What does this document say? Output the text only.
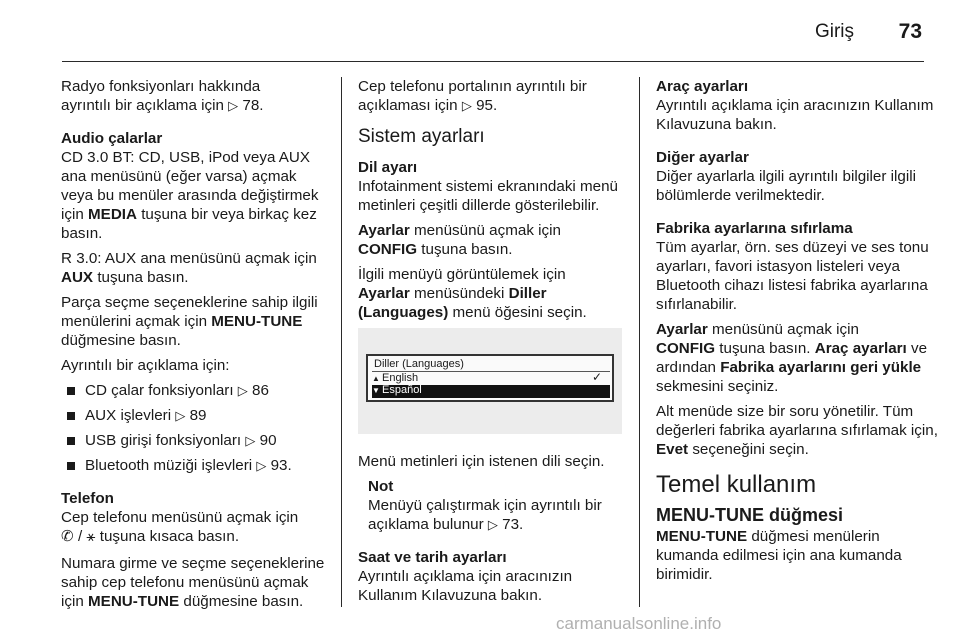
Giriş 73

Radyo fonksiyonları hakkında
ayrıntılı bir açıklama için ▷ 78.

Audio çalarlar
CD 3.0 BT: CD, USB, iPod veya AUX ana menüsünü (eğer varsa) açmak veya bu menüler arasında değiştirmek için MEDIA tuşuna bir veya birkaç kez basın.

R 3.0: AUX ana menüsünü açmak için AUX tuşuna basın.

Parça seçme seçeneklerine sahip ilgili menülerini açmak için MENU-TUNE düğmesine basın.

Ayrıntılı bir açıklama için:

CD çalar fonksiyonları ▷ 86
AUX işlevleri ▷ 89
USB girişi fonksiyonları ▷ 90
Bluetooth müziği işlevleri ▷ 93.

Telefon
Cep telefonu menüsünü açmak için
✆ / ⚹ tuşuna kısaca basın.

Numara girme ve seçme seçeneklerine sahip cep telefonu menüsünü açmak için MENU-TUNE düğmesine basın.

Cep telefonu portalının ayrıntılı bir açıklaması için ▷ 95.

Sistem ayarları

Dil ayarı
Infotainment sistemi ekranındaki menü metinleri çeşitli dillerde gösterilebilir.

Ayarlar menüsünü açmak için
CONFIG tuşuna basın.

İlgili menüyü görüntülemek için
Ayarlar menüsündeki Diller (Languages) menü öğesini seçin.

Diller (Languages)
▲ English	✓
▼ Español

Menü metinleri için istenen dili seçin.

Not
Menüyü çalıştırmak için ayrıntılı bir açıklama bulunur ▷ 73.

Saat ve tarih ayarları
Ayrıntılı açıklama için aracınızın Kullanım Kılavuzuna bakın.

Araç ayarları
Ayrıntılı açıklama için aracınızın Kullanım Kılavuzuna bakın.

Diğer ayarlar
Diğer ayarlarla ilgili ayrıntılı bilgiler ilgili bölümlerde verilmektedir.

Fabrika ayarlarına sıfırlama
Tüm ayarlar, örn. ses düzeyi ve ses tonu ayarları, favori istasyon listeleri veya Bluetooth cihazı listesi fabrika ayarlarına sıfırlanabilir.

Ayarlar menüsünü açmak için
CONFIG tuşuna basın. Araç ayarları ve ardından Fabrika ayarlarını geri yükle sekmesini seçiniz.

Alt menüde size bir soru yönetilir. Tüm değerleri fabrika ayarlarına sıfırlamak için, Evet seçeneğini seçin.

Temel kullanım
MENU-TUNE düğmesi

MENU-TUNE düğmesi menülerin kumanda edilmesi için ana kumanda birimidir.

carmanualsonline.info
